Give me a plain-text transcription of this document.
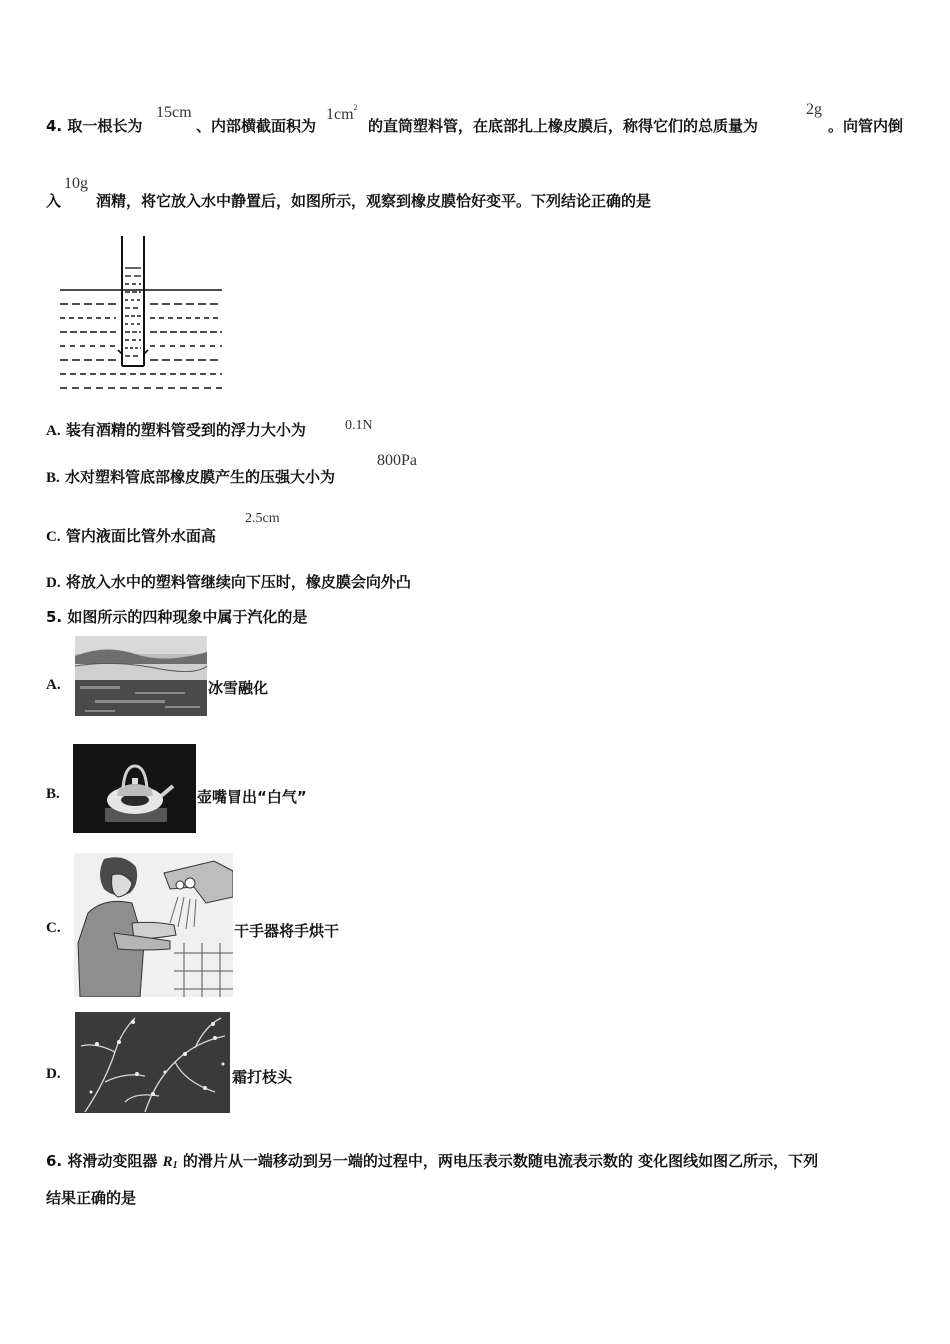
4. 取一根长为
15cm
、内部横截面积为
$1cm^2$
的直筒塑料管，在底部扎上橡皮膜后，称得它们的总质量为
2g
。向管内倒
入
10g
酒精，将它放入水中静置后，如图所示，观察到橡皮膜恰好变平。下列结论正确的是
A. 装有酒精的塑料管受到的浮力大小为	0.1N
B. 水对塑料管底部橡皮膜产生的压强大小为
800Pa
C. 管内液面比管外水面高
2.5cm
D. 将放入水中的塑料管继续向下压时，橡皮膜会向外凸
5. 如图所示的四种现象中属于汽化的是
A.	冰雪融化
B.	壶嘴冒出“白气”
C.	干手器将手烘干
D.	霜打枝头
6. 将滑动变阻器 $R_1$ 的滑片从一端移动到另一端的过程中，两电压表示数随电流表示数的 变化图线如图乙所示，下列
结果正确的是
